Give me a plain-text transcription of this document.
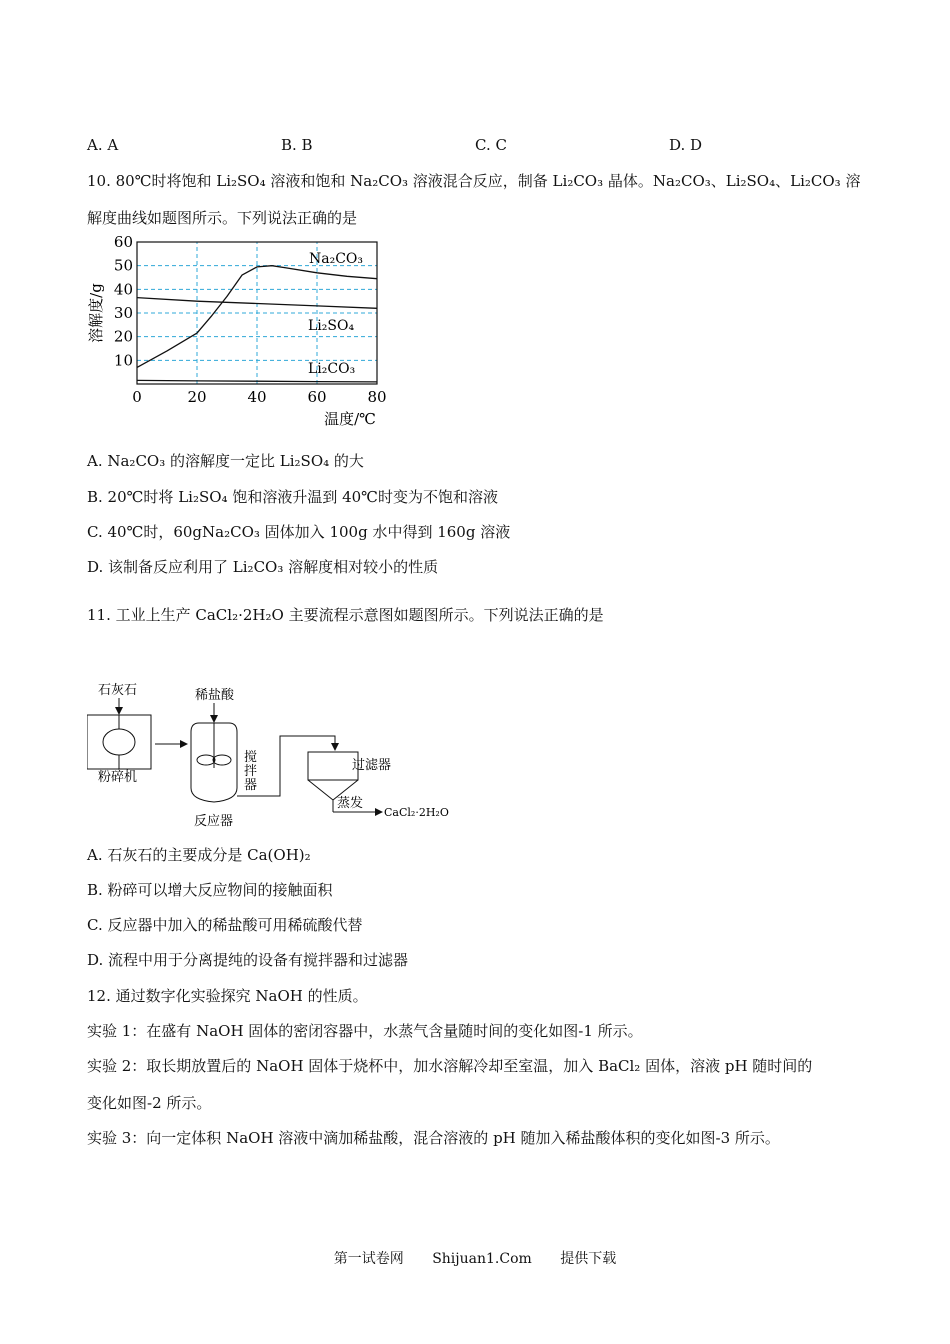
A. A	B. B	C. C	D. D
10. 80℃时将饱和 Li₂SO₄ 溶液和饱和 Na₂CO₃ 溶液混合反应，制备 Li₂CO₃ 晶体。Na₂CO₃、Li₂SO₄、Li₂CO₃ 溶
解度曲线如题图所示。下列说法正确的是
0	20	40	60	80
10
20
30
40
50
60
Na₂CO₃
Li₂SO₄
Li₂CO₃
溶解度/g
温度/℃
A. Na₂CO₃ 的溶解度一定比 Li₂SO₄ 的大
B. 20℃时将 Li₂SO₄ 饱和溶液升温到 40℃时变为不饱和溶液
C. 40℃时，60gNa₂CO₃ 固体加入 100g 水中得到 160g 溶液
D. 该制备反应利用了 Li₂CO₃ 溶解度相对较小的性质
11. 工业上生产 CaCl₂·2H₂O 主要流程示意图如题图所示。下列说法正确的是
石灰石
粉碎机
稀盐酸
搅
拌
器
反应器
过滤器
蒸发
CaCl₂·2H₂O
A. 石灰石的主要成分是 Ca(OH)₂
B. 粉碎可以增大反应物间的接触面积
C. 反应器中加入的稀盐酸可用稀硫酸代替
D. 流程中用于分离提纯的设备有搅拌器和过滤器
12. 通过数字化实验探究 NaOH 的性质。
实验 1：在盛有 NaOH 固体的密闭容器中，水蒸气含量随时间的变化如图-1 所示。
实验 2：取长期放置后的 NaOH 固体于烧杯中，加水溶解冷却至室温，加入 BaCl₂ 固体，溶液 pH 随时间的
变化如图-2 所示。
实验 3：向一定体积 NaOH 溶液中滴加稀盐酸，混合溶液的 pH 随加入稀盐酸体积的变化如图-3 所示。
第一试卷网 Shijuan1.Com 提供下载
